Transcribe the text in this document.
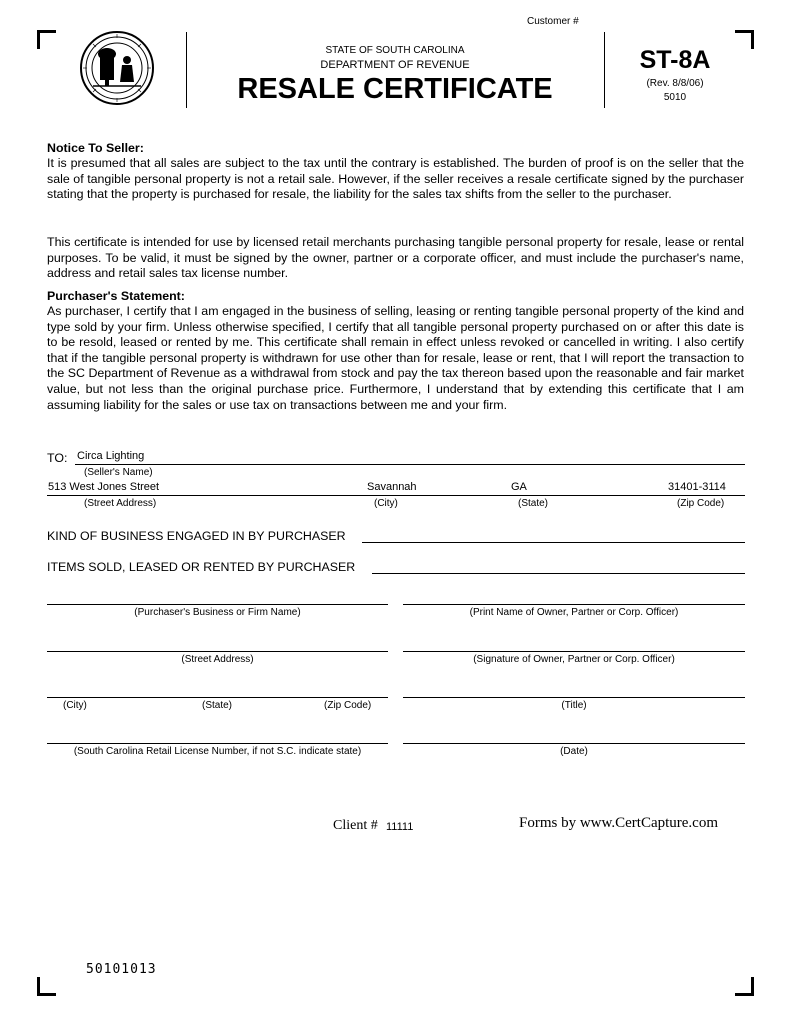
Customer #
STATE OF SOUTH CAROLINA
DEPARTMENT OF REVENUE
RESALE CERTIFICATE
ST-8A
(Rev. 8/8/06)
5010
Notice To Seller:
It is presumed that all sales are subject to the tax until the contrary is established. The burden of proof is on the seller that the sale of tangible personal property is not a retail sale. However, if the seller receives a resale certificate signed by the purchaser stating that the property is purchased for resale, the liability for the sales tax shifts from the seller to the purchaser.
This certificate is intended for use by licensed retail merchants purchasing tangible personal property for resale, lease or rental purposes. To be valid, it must be signed by the owner, partner or a corporate officer, and must include the purchaser's name, address and retail sales tax license number.
Purchaser's Statement:
As purchaser, I certify that I am engaged in the business of selling, leasing or renting tangible personal property of the kind and type sold by your firm. Unless otherwise specified, I certify that all tangible personal property purchased on or after this date is to be resold, leased or rented by me. This certificate shall remain in effect unless revoked or cancelled in writing. I also certify that if the tangible personal property is withdrawn for use other than for resale, lease or rent, that I will report the transaction to the SC Department of Revenue as a withdrawal from stock and pay the tax thereon based upon the reasonable and fair market value, but not less than the original purchase price. Furthermore, I understand that by extending this certificate that I am assuming liability for the sales or use tax on transactions between me and your firm.
TO: Circa Lighting
(Seller's Name)
513 West Jones Street	Savannah	GA	31401-3114
(Street Address)	(City)	(State)	(Zip Code)
KIND OF BUSINESS ENGAGED IN BY PURCHASER
ITEMS SOLD, LEASED OR RENTED BY PURCHASER
(Purchaser's Business or Firm Name)	(Print Name of Owner, Partner or Corp. Officer)
(Street Address)	(Signature of Owner, Partner or Corp. Officer)
(City)	(State)	(Zip Code)	(Title)
(South Carolina Retail License Number, if not S.C. indicate state)	(Date)
Client # 11111	Forms by www.CertCapture.com
50101013
